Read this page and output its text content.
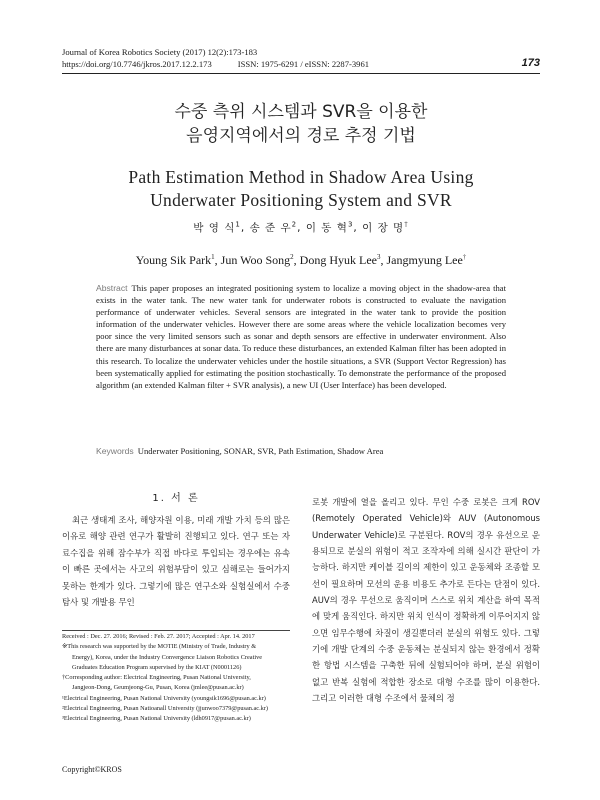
Journal of Korea Robotics Society (2017) 12(2):173-183
https://doi.org/10.7746/jkros.2017.12.2.173	ISSN: 1975-6291 / eISSN: 2287-3961	173
수중 측위 시스템과 SVR을 이용한
음영지역에서의 경로 추정 기법
Path Estimation Method in Shadow Area Using
Underwater Positioning System and SVR
박 영 식$^1$, 송 준 우$^2$, 이 동 혁$^3$, 이 장 명†
Young Sik Park$^1$, Jun Woo Song$^2$, Dong Hyuk Lee$^3$, Jangmyung Lee†
Abstract This paper proposes an integrated positioning system to localize a moving object in the shadow-area that exists in the water tank. The new water tank for underwater robots is constructed to evaluate the navigation performance of underwater vehicles. Several sensors are integrated in the water tank to provide the position information of the underwater vehicles. However there are some areas where the vehicle localization becomes very poor since the very limited sensors such as sonar and depth sensors are effective in underwater environment. Also there are many disturbances at sonar data. To reduce these disturbances, an extended Kalman filter has been adopted in this research. To localize the underwater vehicles under the hostile situations, a SVR (Support Vector Regression) has been systematically applied for estimating the position stochastically. To demonstrate the performance of the proposed algorithm (an extended Kalman filter + SVR analysis), a new UI (User Interface) has been developed.
Keywords Underwater Positioning, SONAR, SVR, Path Estimation, Shadow Area
1. 서 론
최근 생태계 조사, 해양자원 이용, 미래 개발 가치 등의 많은 이유로 해양 관련 연구가 활발히 진행되고 있다. 연구 또는 자료수집을 위해 잠수부가 직접 바다로 투입되는 경우에는 유속이 빠른 곳에서는 사고의 위험부담이 있고 심해로는 들어가지 못하는 한계가 있다. 그렇기에 많은 연구소와 실험실에서 수중 탐사 및 개발용 무인
로봇 개발에 열을 올리고 있다. 무인 수중 로봇은 크게 ROV (Remotely Operated Vehicle)와 AUV (Autonomous Underwater Vehicle)로 구분된다. ROV의 경우 유선으로 운용되므로 분실의 위험이 적고 조작자에 의해 실시간 판단이 가능하다. 하지만 케이블 길이의 제한이 있고 운동체와 조종할 모선이 필요하며 모선의 운용 비용도 추가로 든다는 단점이 있다. AUV의 경우 무선으로 움직이며 스스로 위치 계산을 하여 목적에 맞게 움직인다. 하지만 위치 인식이 정확하게 이루어지지 않으면 임무수행에 차질이 생길뿐더러 분실의 위험도 있다. 그렇기에 개발 단계의 수중 운동체는 분실되지 않는 환경에서 정확한 항법 시스템을 구축한 뒤에 실험되어야 하며, 분실 위험이 없고 반복 실험에 적합한 장소로 대형 수조를 많이 이용한다. 그리고 이러한 대형 수조에서 물체의 정
Received : Dec. 27. 2016; Revised : Feb. 27. 2017; Accepted : Apr. 14. 2017
※This research was supported by the MOTIE (Ministry of Trade, Industry &
Energy), Korea, under the Industry Convergence Liaison Robotics Creative
Graduates Education Program supervised by the KIAT (N0001126)
†Corresponding author: Electrical Engineering, Pusan National University,
Jangjeon-Dong, Geumjeong-Gu, Pusan, Korea (jmlee@pusan.ac.kr)
¹Electrical Engineering, Pusan National University (youngsik1696@pusan.ac.kr)
²Electrical Engineering, Pusan Natioanall University (jjunwoo7379@pusan.ac.kr)
³Electrical Engineering, Pusan National University (ldh0917@pusan.ac.kr)
Copyright©KROS
